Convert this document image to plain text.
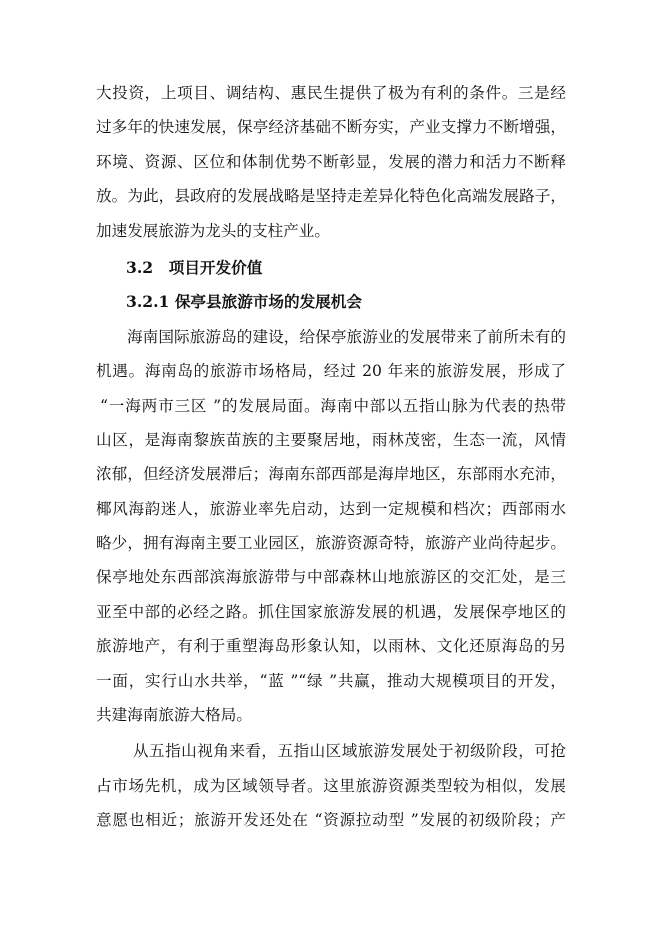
大投资，上项目、调结构、惠民生提供了极为有利的条件。三是经
过多年的快速发展，保亭经济基础不断夯实，产业支撑力不断增强，
环境、资源、区位和体制优势不断彰显，发展的潜力和活力不断释
放。为此，县政府的发展战略是坚持走差异化特色化高端发展路子，
加速发展旅游为龙头的支柱产业。
3.2　项目开发价值
3.2.1 保亭县旅游市场的发展机会
海南国际旅游岛的建设，给保亭旅游业的发展带来了前所未有的
机遇。海南岛的旅游市场格局，经过 20 年来的旅游发展，形成了
“一海两市三区 ”的发展局面。海南中部以五指山脉为代表的热带
山区，是海南黎族苗族的主要聚居地，雨林茂密，生态一流，风情
浓郁，但经济发展滞后；海南东部西部是海岸地区，东部雨水充沛，
椰风海韵迷人，旅游业率先启动，达到一定规模和档次；西部雨水
略少，拥有海南主要工业园区，旅游资源奇特，旅游产业尚待起步。
保亭地处东西部滨海旅游带与中部森林山地旅游区的交汇处，是三
亚至中部的必经之路。抓住国家旅游发展的机遇，发展保亭地区的
旅游地产，有利于重塑海岛形象认知，以雨林、文化还原海岛的另
一面，实行山水共举，“蓝 ”“绿 ”共赢，推动大规模项目的开发，
共建海南旅游大格局。
从五指山视角来看，五指山区域旅游发展处于初级阶段，可抢
占市场先机，成为区域领导者。这里旅游资源类型较为相似，发展
意愿也相近；旅游开发还处在 “资源拉动型 ”发展的初级阶段；产
